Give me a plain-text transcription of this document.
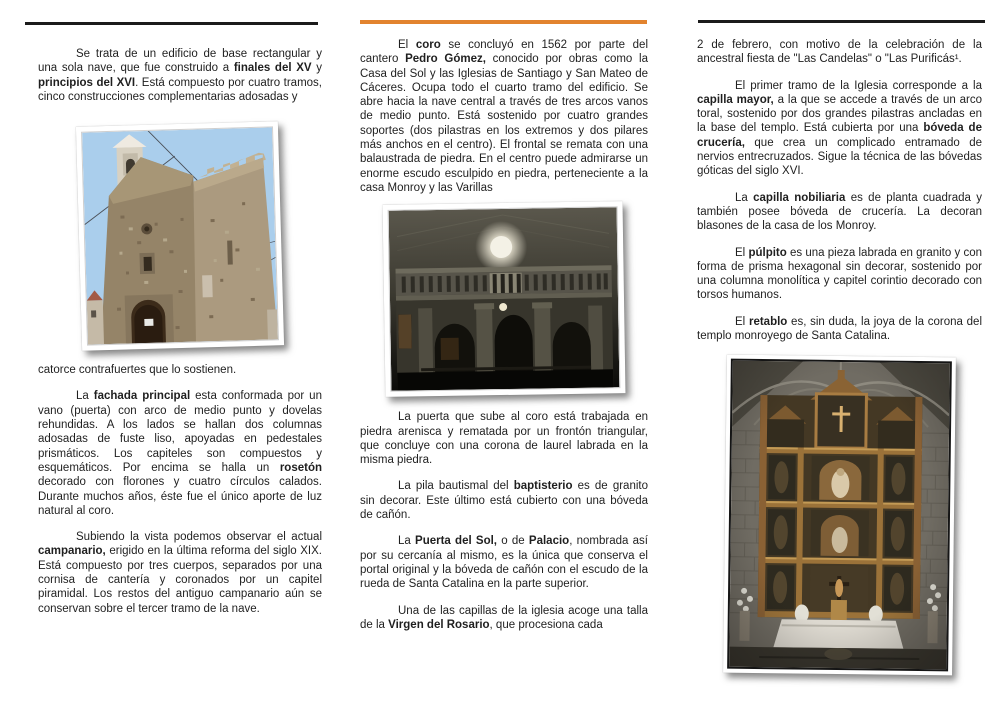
Se trata de un edificio de base rectangular y una sola nave, que fue construido a finales del XV y principios del XVI. Está compuesto por cuatro tramos, cinco construcciones complementarias adosadas y

catorce contrafuertes que lo sostienen.

La fachada principal esta conformada por un vano (puerta) con arco de medio punto y dovelas rehundidas. A los lados se hallan dos columnas adosadas de fuste liso, apoyadas en pedestales prismáticos. Los capiteles son compuestos y esquemáticos. Por encima se halla un rosetón decorado con florones y cuatro círculos calados. Durante muchos años, éste fue el único aporte de luz natural al coro.

Subiendo la vista podemos observar el actual campanario, erigido en la última reforma del siglo XIX. Está compuesto por tres cuerpos, separados por una cornisa de cantería y coronados por un capitel piramidal. Los restos del antiguo campanario aún se conservan sobre el tercer tramo de la nave.

El coro se concluyó en 1562 por parte del cantero Pedro Gómez, conocido por obras como la Casa del Sol y las Iglesias de Santiago y San Mateo de Cáceres. Ocupa todo el cuarto tramo del edificio. Se abre hacia la nave central a través de tres arcos vanos de medio punto. Está sostenido por cuatro grandes soportes (dos pilastras en los extremos y dos pilares más anchos en el centro). El frontal se remata con una balaustrada de piedra. En el centro puede admirarse un enorme escudo esculpido en piedra, perteneciente a la casa Monroy y las Varillas

La puerta que sube al coro está trabajada en piedra arenisca y rematada por un frontón triangular, que concluye con una corona de laurel labrada en la misma piedra.

La pila bautismal del baptisterio es de granito sin decorar. Este último está cubierto con una bóveda de cañón.

La Puerta del Sol, o de Palacio, nombrada así por su cercanía al mismo, es la única que conserva el portal original y la bóveda de cañón con el escudo de la rueda de Santa Catalina en la parte superior.

Una de las capillas de la iglesia acoge una talla de la Virgen del Rosario, que procesiona cada

2 de febrero, con motivo de la celebración de la ancestral fiesta de "Las Candelas" o "Las Purificás¹.

El primer tramo de la Iglesia corresponde a la capilla mayor, a la que se accede a través de un arco toral, sostenido por dos grandes pilastras ancladas en la base del templo. Está cubierta por una bóveda de crucería, que crea un complicado entramado de nervios entrecruzados. Sigue la técnica de las bóvedas góticas del siglo XVI.

La capilla nobiliaria es de planta cuadrada y también posee bóveda de crucería. La decoran blasones de la casa de los Monroy.

El púlpito es una pieza labrada en granito y con forma de prisma hexagonal sin decorar, sostenido por una columna monolítica y capitel corintio decorado con torsos humanos.

El retablo es, sin duda, la joya de la corona del templo monroyego de Santa Catalina.
